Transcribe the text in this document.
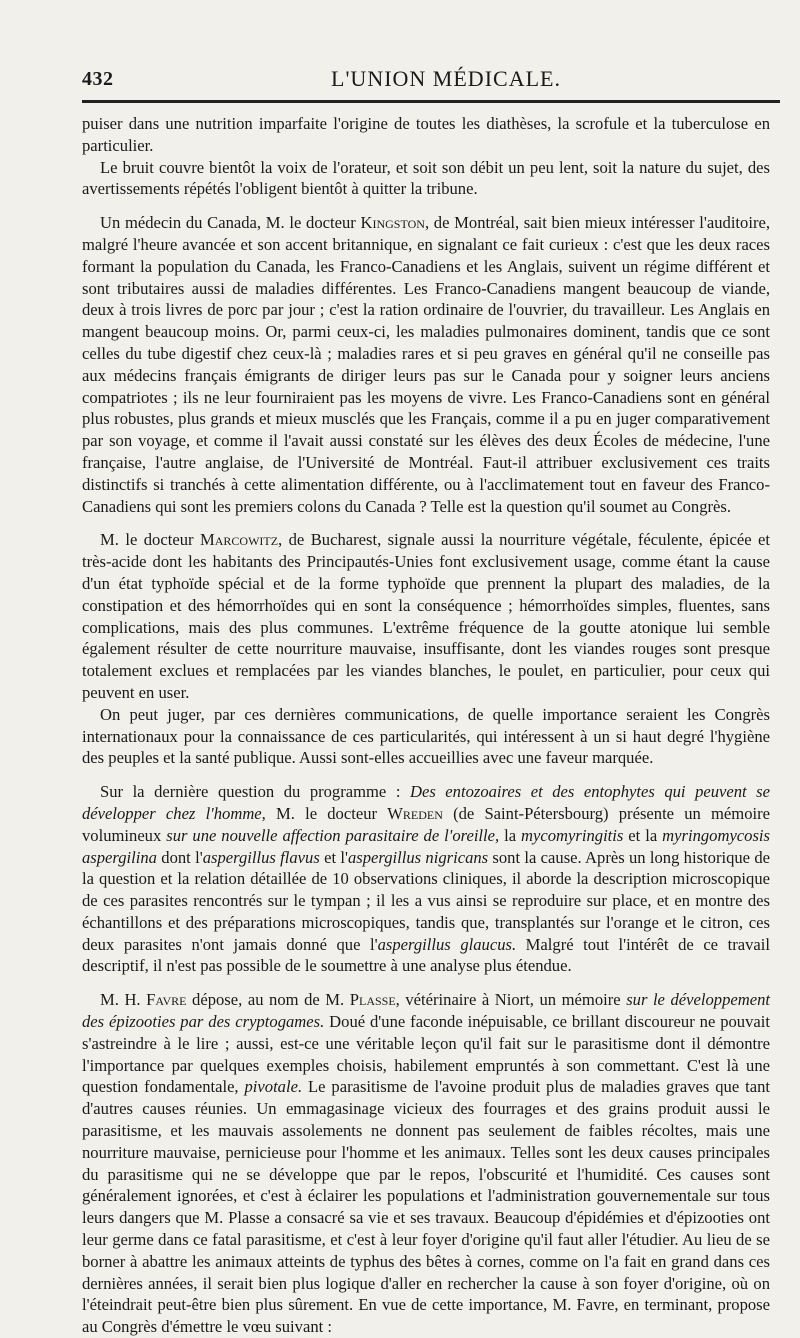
432	L'UNION MÉDICALE.

puiser dans une nutrition imparfaite l'origine de toutes les diathèses, la scrofule et la tuberculose en particulier.

Le bruit couvre bientôt la voix de l'orateur, et soit son débit un peu lent, soit la nature du sujet, des avertissements répétés l'obligent bientôt à quitter la tribune.

Un médecin du Canada, M. le docteur Kingston, de Montréal, sait bien mieux intéresser l'auditoire, malgré l'heure avancée et son accent britannique, en signalant ce fait curieux : c'est que les deux races formant la population du Canada, les Franco-Canadiens et les Anglais, suivent un régime différent et sont tributaires aussi de maladies différentes. Les Franco-Canadiens mangent beaucoup de viande, deux à trois livres de porc par jour ; c'est la ration ordinaire de l'ouvrier, du travailleur. Les Anglais en mangent beaucoup moins. Or, parmi ceux-ci, les maladies pulmonaires dominent, tandis que ce sont celles du tube digestif chez ceux-là ; maladies rares et si peu graves en général qu'il ne conseille pas aux médecins français émigrants de diriger leurs pas sur le Canada pour y soigner leurs anciens compatriotes ; ils ne leur fourniraient pas les moyens de vivre. Les Franco-Canadiens sont en général plus robustes, plus grands et mieux musclés que les Français, comme il a pu en juger comparativement par son voyage, et comme il l'avait aussi constaté sur les élèves des deux Écoles de médecine, l'une française, l'autre anglaise, de l'Université de Montréal. Faut-il attribuer exclusivement ces traits distinctifs si tranchés à cette alimentation différente, ou à l'acclimatement tout en faveur des Franco-Canadiens qui sont les premiers colons du Canada ? Telle est la question qu'il soumet au Congrès.

M. le docteur Marcowitz, de Bucharest, signale aussi la nourriture végétale, féculente, épicée et très-acide dont les habitants des Principautés-Unies font exclusivement usage, comme étant la cause d'un état typhoïde spécial et de la forme typhoïde que prennent la plupart des maladies, de la constipation et des hémorrhoïdes qui en sont la conséquence ; hémorrhoïdes simples, fluentes, sans complications, mais des plus communes. L'extrême fréquence de la goutte atonique lui semble également résulter de cette nourriture mauvaise, insuffisante, dont les viandes rouges sont presque totalement exclues et remplacées par les viandes blanches, le poulet, en particulier, pour ceux qui peuvent en user.

On peut juger, par ces dernières communications, de quelle importance seraient les Congrès internationaux pour la connaissance de ces particularités, qui intéressent à un si haut degré l'hygiène des peuples et la santé publique. Aussi sont-elles accueillies avec une faveur marquée.

Sur la dernière question du programme : Des entozoaires et des entophytes qui peuvent se développer chez l'homme, M. le docteur Wreden (de Saint-Pétersbourg) présente un mémoire volumineux sur une nouvelle affection parasitaire de l'oreille, la mycomyringitis et la myringomycosis aspergilina dont l'aspergillus flavus et l'aspergillus nigricans sont la cause. Après un long historique de la question et la relation détaillée de 10 observations cliniques, il aborde la description microscopique de ces parasites rencontrés sur le tympan ; il les a vus ainsi se reproduire sur place, et en montre des échantillons et des préparations microscopiques, tandis que, transplantés sur l'orange et le citron, ces deux parasites n'ont jamais donné que l'aspergillus glaucus. Malgré tout l'intérêt de ce travail descriptif, il n'est pas possible de le soumettre à une analyse plus étendue.

M. H. Favre dépose, au nom de M. Plasse, vétérinaire à Niort, un mémoire sur le développement des épizooties par des cryptogames. Doué d'une faconde inépuisable, ce brillant discoureur ne pouvait s'astreindre à le lire ; aussi, est-ce une véritable leçon qu'il fait sur le parasitisme dont il démontre l'importance par quelques exemples choisis, habilement empruntés à son commettant. C'est là une question fondamentale, pivotale. Le parasitisme de l'avoine produit plus de maladies graves que tant d'autres causes réunies. Un emmagasinage vicieux des fourrages et des grains produit aussi le parasitisme, et les mauvais assolements ne donnent pas seulement de faibles récoltes, mais une nourriture mauvaise, pernicieuse pour l'homme et les animaux. Telles sont les deux causes principales du parasitisme qui ne se développe que par le repos, l'obscurité et l'humidité. Ces causes sont généralement ignorées, et c'est à éclairer les populations et l'administration gouvernementale sur tous leurs dangers que M. Plasse a consacré sa vie et ses travaux. Beaucoup d'épidémies et d'épizooties ont leur germe dans ce fatal parasitisme, et c'est à leur foyer d'origine qu'il faut aller l'étudier. Au lieu de se borner à abattre les animaux atteints de typhus des bêtes à cornes, comme on l'a fait en grand dans ces dernières années, il serait bien plus logique d'aller en rechercher la cause à son foyer d'origine, où on l'éteindrait peut-être bien plus sûrement. En vue de cette importance, M. Favre, en terminant, propose au Congrès d'émettre le vœu suivant :
